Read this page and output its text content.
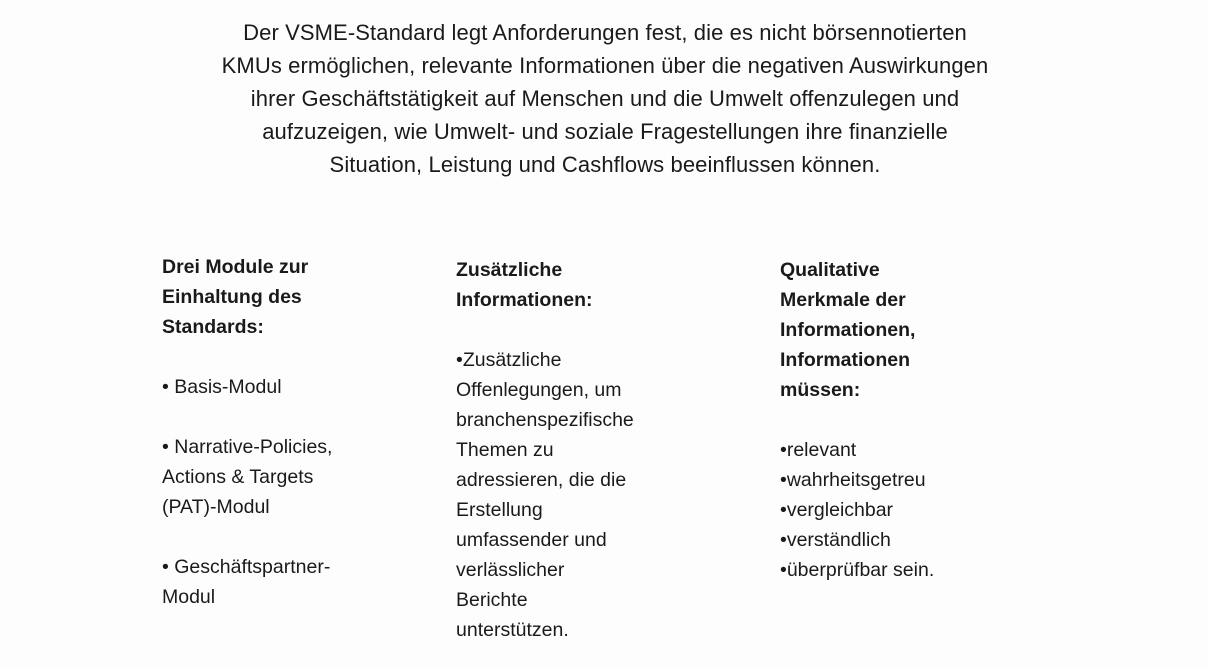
Der VSME-Standard legt Anforderungen fest, die es nicht börsennotierten
KMUs ermöglichen, relevante Informationen über die negativen Auswirkungen
ihrer Geschäftstätigkeit auf Menschen und die Umwelt offenzulegen und
aufzuzeigen, wie Umwelt- und soziale Fragestellungen ihre finanzielle
Situation, Leistung und Cashflows beeinflussen können.

Drei Module zur
Einhaltung des
Standards:

• Basis-Modul

• Narrative-Policies,
Actions & Targets
(PAT)-Modul

• Geschäftspartner-
Modul

Zusätzliche
Informationen:

•Zusätzliche
Offenlegungen, um
branchenspezifische
Themen zu
adressieren, die die
Erstellung
umfassender und
verlässlicher
Berichte
unterstützen.

Qualitative
Merkmale der
Informationen,
Informationen
müssen:

•relevant
•wahrheitsgetreu
•vergleichbar
•verständlich
•überprüfbar sein.
